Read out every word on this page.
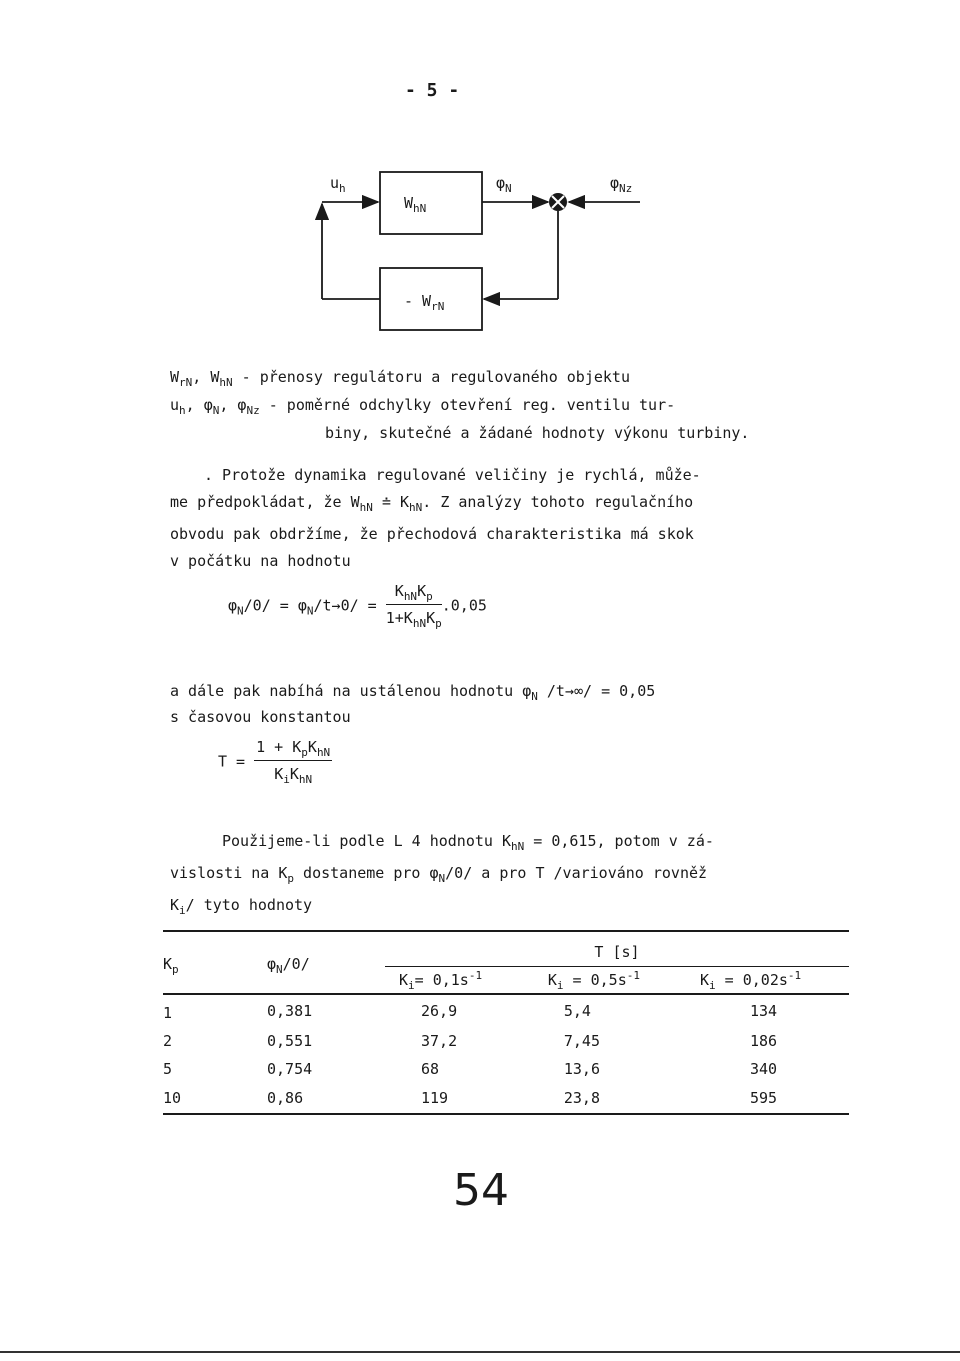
- 5 -
$u_h$
$W_{hN}$
$\varphi_N$	$\varphi_{Nz}$
- $W_{rN}$
$W_{rN}$, $W_{hN}$ - přenosy regulátoru a regulovaného objektu
$u_h$, $\varphi_N$, $\varphi_{Nz}$ - poměrné odchylky otevření reg. ventilu tur-
biny, skutečné a žádané hodnoty výkonu turbiny.
. Protože dynamika regulované veličiny je rychlá, může-
me předpokládat, že $W_{hN}$ ≐ $K_{hN}$. Z analýzy tohoto regulačního
obvodu pak obdržíme, že přechodová charakteristika má skok
v počátku na hodnotu
$\varphi_N/0/ = \varphi_N/t\to 0/ = \frac{K_{hN}K_p}{1+K_{hN}K_p} .0,05$
a dále pak nabíhá na ustálenou hodnotu $\varphi_N$ /t→∞/ = 0,05
s časovou konstantou
$T = \frac{1 + K_pK_{hN}}{K_iK_{hN}}$
Použijeme-li podle L 4 hodnotu $K_{hN} = 0,615$, potom v zá-
vislosti na $K_p$ dostaneme pro $\varphi_N/0/$ a pro T /variováno rovněž
$K_i/$ tyto hodnoty
$K_p$	$\varphi_N/0/$	T [s]		
		$K_i= 0,1s^{-1}$	$K_i = 0,5s^{-1}$	$K_i = 0,02s^{-1}$
1	0,381	26,9	5,4	134
2	0,551	37,2	7,45	186
5	0,754	68	13,6	340
10	0,86	119	23,8	595
54
